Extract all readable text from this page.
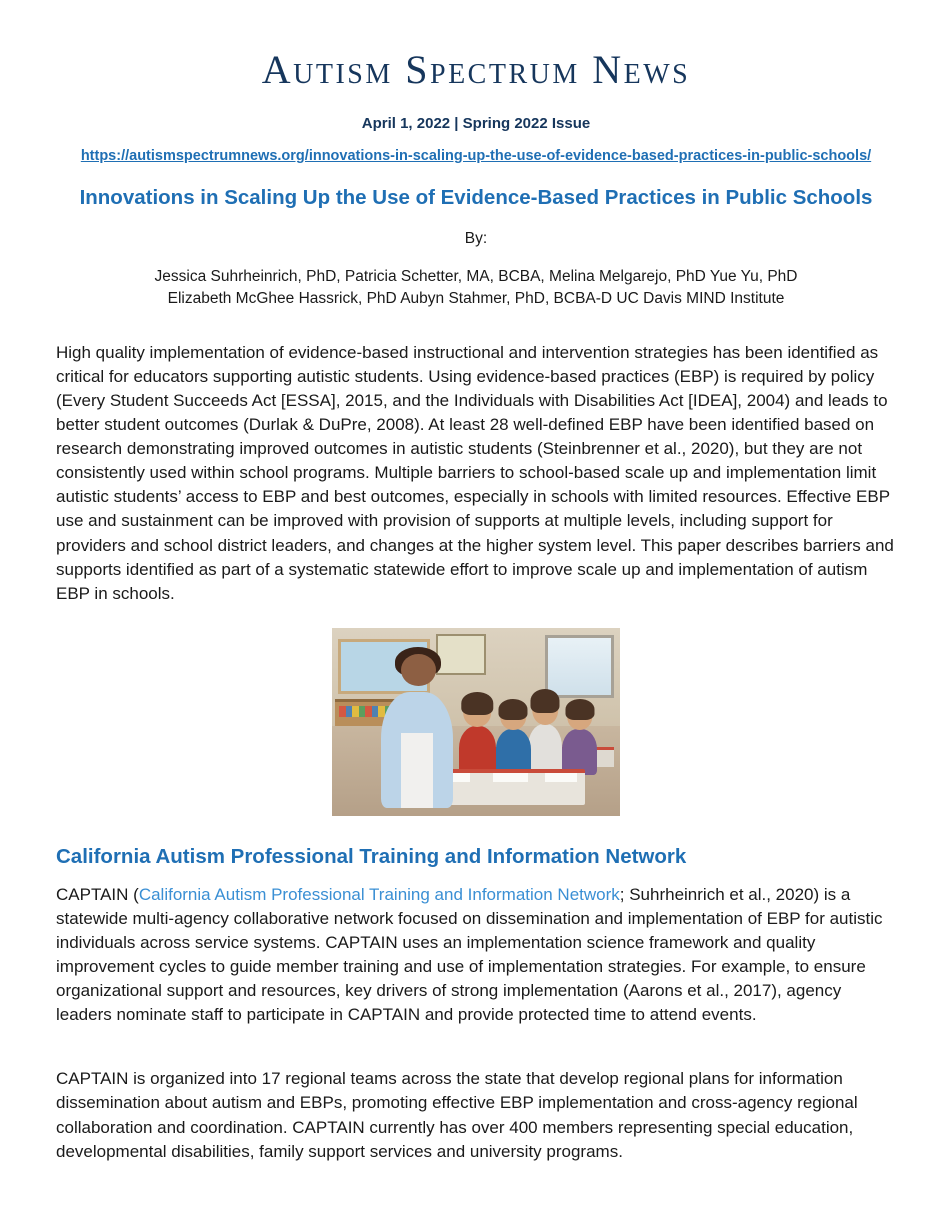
Autism Spectrum News
April 1, 2022 | Spring 2022 Issue
https://autismspectrumnews.org/innovations-in-scaling-up-the-use-of-evidence-based-practices-in-public-schools/
Innovations in Scaling Up the Use of Evidence-Based Practices in Public Schools
By:
Jessica Suhrheinrich, PhD, Patricia Schetter, MA, BCBA, Melina Melgarejo, PhD Yue Yu, PhD
Elizabeth McGhee Hassrick, PhD Aubyn Stahmer, PhD, BCBA-D UC Davis MIND Institute
High quality implementation of evidence-based instructional and intervention strategies has been identified as critical for educators supporting autistic students. Using evidence-based practices (EBP) is required by policy (Every Student Succeeds Act [ESSA], 2015, and the Individuals with Disabilities Act [IDEA], 2004) and leads to better student outcomes (Durlak & DuPre, 2008). At least 28 well-defined EBP have been identified based on research demonstrating improved outcomes in autistic students (Steinbrenner et al., 2020), but they are not consistently used within school programs. Multiple barriers to school-based scale up and implementation limit autistic students’ access to EBP and best outcomes, especially in schools with limited resources. Effective EBP use and sustainment can be improved with provision of supports at multiple levels, including support for providers and school district leaders, and changes at the higher system level. This paper describes barriers and supports identified as part of a systematic statewide effort to improve scale up and implementation of autism EBP in schools.
California Autism Professional Training and Information Network
CAPTAIN (California Autism Professional Training and Information Network; Suhrheinrich et al., 2020) is a statewide multi-agency collaborative network focused on dissemination and implementation of EBP for autistic individuals across service systems. CAPTAIN uses an implementation science framework and quality improvement cycles to guide member training and use of implementation strategies. For example, to ensure organizational support and resources, key drivers of strong implementation (Aarons et al., 2017), agency leaders nominate staff to participate in CAPTAIN and provide protected time to attend events.
CAPTAIN is organized into 17 regional teams across the state that develop regional plans for information dissemination about autism and EBPs, promoting effective EBP implementation and cross-agency regional collaboration and coordination. CAPTAIN currently has over 400 members representing special education, developmental disabilities, family support services and university programs.
